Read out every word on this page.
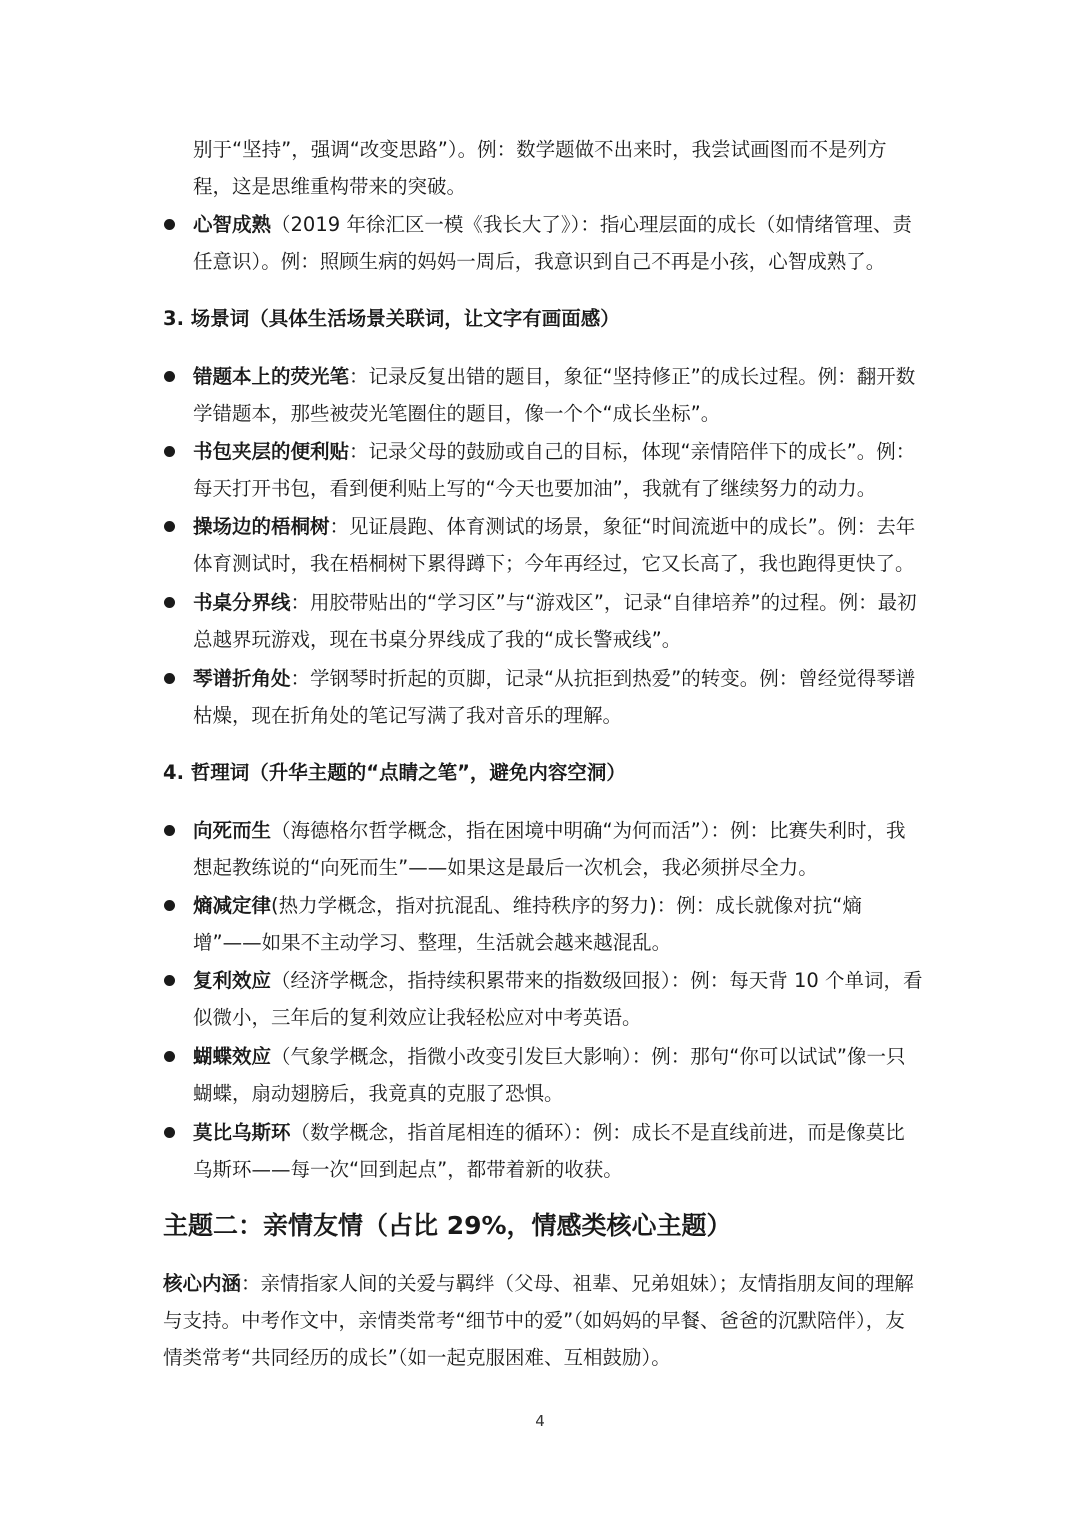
别于“坚持”，强调“改变思路”）。例：数学题做不出来时，我尝试画图而不是列方程，这是思维重构带来的突破。

心智成熟（2019 年徐汇区一模《我长大了》）：指心理层面的成长（如情绪管理、责任意识）。例：照顾生病的妈妈一周后，我意识到自己不再是小孩，心智成熟了。
3. 场景词（具体生活场景关联词，让文字有画面感）
错题本上的荧光笔：记录反复出错的题目，象征“坚持修正”的成长过程。例：翻开数学错题本，那些被荧光笔圈住的题目，像一个个“成长坐标”。
书包夹层的便利贴：记录父母的鼓励或自己的目标，体现“亲情陪伴下的成长”。例：每天打开书包，看到便利贴上写的“今天也要加油”，我就有了继续努力的动力。
操场边的梧桐树：见证晨跑、体育测试的场景，象征“时间流逝中的成长”。例：去年体育测试时，我在梧桐树下累得蹲下；今年再经过，它又长高了，我也跑得更快了。
书桌分界线：用胶带贴出的“学习区”与“游戏区”，记录“自律培养”的过程。例：最初总越界玩游戏，现在书桌分界线成了我的“成长警戒线”。
琴谱折角处：学钢琴时折起的页脚，记录“从抗拒到热爱”的转变。例：曾经觉得琴谱枯燥，现在折角处的笔记写满了我对音乐的理解。
4. 哲理词（升华主题的“点睛之笔”，避免内容空洞）
向死而生（海德格尔哲学概念，指在困境中明确“为何而活”）：例：比赛失利时，我想起教练说的“向死而生”——如果这是最后一次机会，我必须拼尽全力。
熵减定律(热力学概念，指对抗混乱、维持秩序的努力)：例：成长就像对抗“熵增”——如果不主动学习、整理，生活就会越来越混乱。
复利效应（经济学概念，指持续积累带来的指数级回报）：例：每天背 10 个单词，看似微小，三年后的复利效应让我轻松应对中考英语。
蝴蝶效应（气象学概念，指微小改变引发巨大影响）：例：那句“你可以试试”像一只蝴蝶，扇动翅膀后，我竟真的克服了恐惧。
莫比乌斯环（数学概念，指首尾相连的循环）：例：成长不是直线前进，而是像莫比乌斯环——每一次“回到起点”，都带着新的收获。
主题二：亲情友情（占比 29%，情感类核心主题）

核心内涵：亲情指家人间的关爱与羁绊（父母、祖辈、兄弟姐妹）；友情指朋友间的理解与支持。中考作文中，亲情类常考“细节中的爱”（如妈妈的早餐、爸爸的沉默陪伴），友情类常考“共同经历的成长”（如一起克服困难、互相鼓励）。

4
